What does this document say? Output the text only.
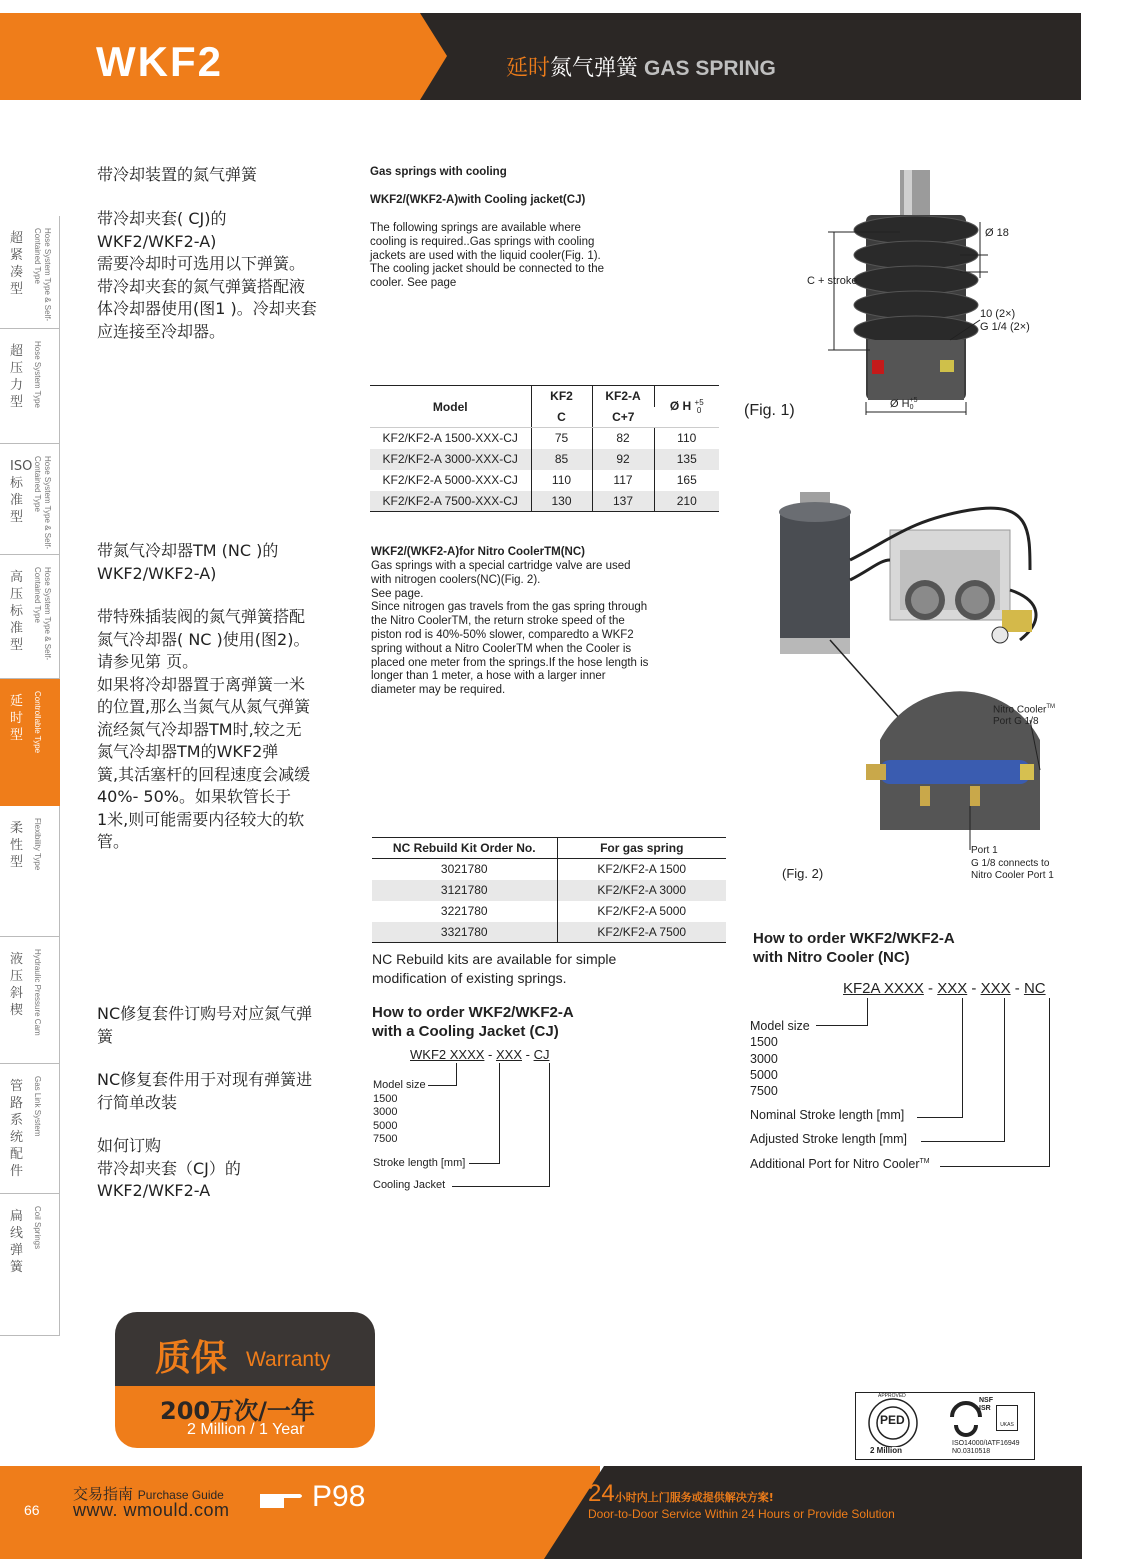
WKF2	延时氮气弹簧 GAS SPRING
超紧凑型	Hose System Type & Self-Contained Type
超压力型 Hose System Type
ISO标准型	Hose System Type & Self-Contained Type
高压标准型	Hose System Type & Self-Contained Type
延时型 Controllable Type
柔性型 Flexibility Type
液压斜楔 Hydraulic Pressure Cam
管路系统配件
Gas Link System
扁线弹簧
Coil Springs
带冷却装置的氮气弹簧
带冷却夹套( CJ)的
WKF2/WKF2-A)
需要冷却时可选用以下弹簧。
带冷却夹套的氮气弹簧搭配液
体冷却器使用(图1 )。冷却夹套
应连接至冷却器。
带氮气冷却器TM (NC )的
WKF2/WKF2-A)
带特殊插装阀的氮气弹簧搭配
氮气冷却器( NC )使用(图2)。
请参见第 页。
如果将冷却器置于离弹簧一米
的位置,那么当氮气从氮气弹簧
流经氮气冷却器TM时,较之无
氮气冷却器TM的WKF2弹
簧,其活塞杆的回程速度会减缓
40%- 50%。如果软管长于
1米,则可能需要内径较大的软
管。
NC修复套件订购号对应氮气弹
簧
NC修复套件用于对现有弹簧进
行简单改装
如何订购
带冷却夹套（CJ）的
WKF2/WKF2-A
Gas springs with cooling
WKF2/(WKF2-A)with Cooling jacket(CJ)
The following springs are available where
cooling is required..Gas springs with cooling
jackets are used with the liquid cooler(Fig. 1).
The cooling jacket should be connected to the
cooler. See page
Model	KF2	KF2-A	Ø H +5
0
	C	C+7	
KF2/KF2-A 1500-XXX-CJ	75	82	110
KF2/KF2-A 3000-XXX-CJ	85	92	135
KF2/KF2-A 5000-XXX-CJ	110	117	165
KF2/KF2-A 7500-XXX-CJ	130	137	210
WKF2/(WKF2-A)for Nitro CoolerTM(NC)
Gas springs with a special cartridge valve are used
with nitrogen coolers(NC)(Fig. 2).
See page.
Since nitrogen gas travels from the gas spring through
the Nitro CoolerTM, the return stroke speed of the
piston rod is 40%-50% slower, comparedto a WKF2
spring without a Nitro CoolerTM when the Cooler is
placed one meter from the springs.If the hose length is
longer than 1 meter, a hose with a larger inner
diameter may be required.
NC Rebuild Kit Order No.	For gas spring
3021780	KF2/KF2-A 1500
3121780	KF2/KF2-A 3000
3221780	KF2/KF2-A 5000
3321780	KF2/KF2-A 7500
NC Rebuild kits are available for simple
modification of existing springs.
How to order WKF2/WKF2-A
with a Cooling Jacket (CJ)
WKF2 XXXX - XXX - CJ
Model size
1500
3000
5000
7500
Stroke length [mm]
Cooling Jacket
Ø 18
C + stroke
10 (2×)
G 1/4 (2×)
Ø H+5
0
(Fig. 1)
Nitro Cooler™
Port G 1/8
Port 1
G 1/8 connects to
Nitro Cooler Port 1
(Fig. 2)
How to order WKF2/WKF2-A
with Nitro Cooler (NC)
KF2A XXXX - XXX - XXX - NC
Model size
1500
3000
5000
7500
Nominal Stroke length [mm]
Adjusted Stroke length [mm]
Additional Port for Nitro Cooler™
质保 Warranty
200万次/一年
2 Million / 1 Year
APPROVED
PED
2 Million
NSF
ISR
UKAS
ISO14000/IATF16949
N0.0310518
66
交易指南 Purchase Guide
www. wmould.com	P98	24小时内上门服务或提供解决方案!
Door-to-Door Service Within 24 Hours or Provide Solution
